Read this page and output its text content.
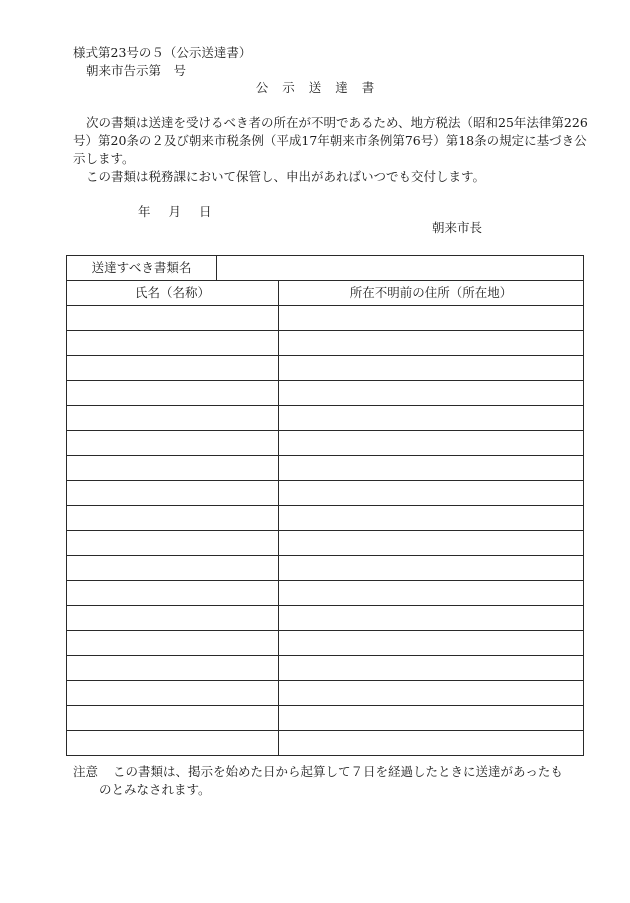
様式第23号の５（公示送達書）
朝来市告示第　号
公示送達書

次の書類は送達を受けるべき者の所在が不明であるため、地方税法（昭和25年法律第226号）第20条の２及び朝来市税条例（平成17年朝来市条例第76号）第18条の規定に基づき公示します。

この書類は税務課において保管し、申出があればいつでも交付します。

年 月 日
朝来市長
送達すべき書類名		
氏名（名称）		所在不明前の住所（所在地）

注意 この書類は、掲示を始めた日から起算して７日を経過したときに送達があったも
のとみなされます。
